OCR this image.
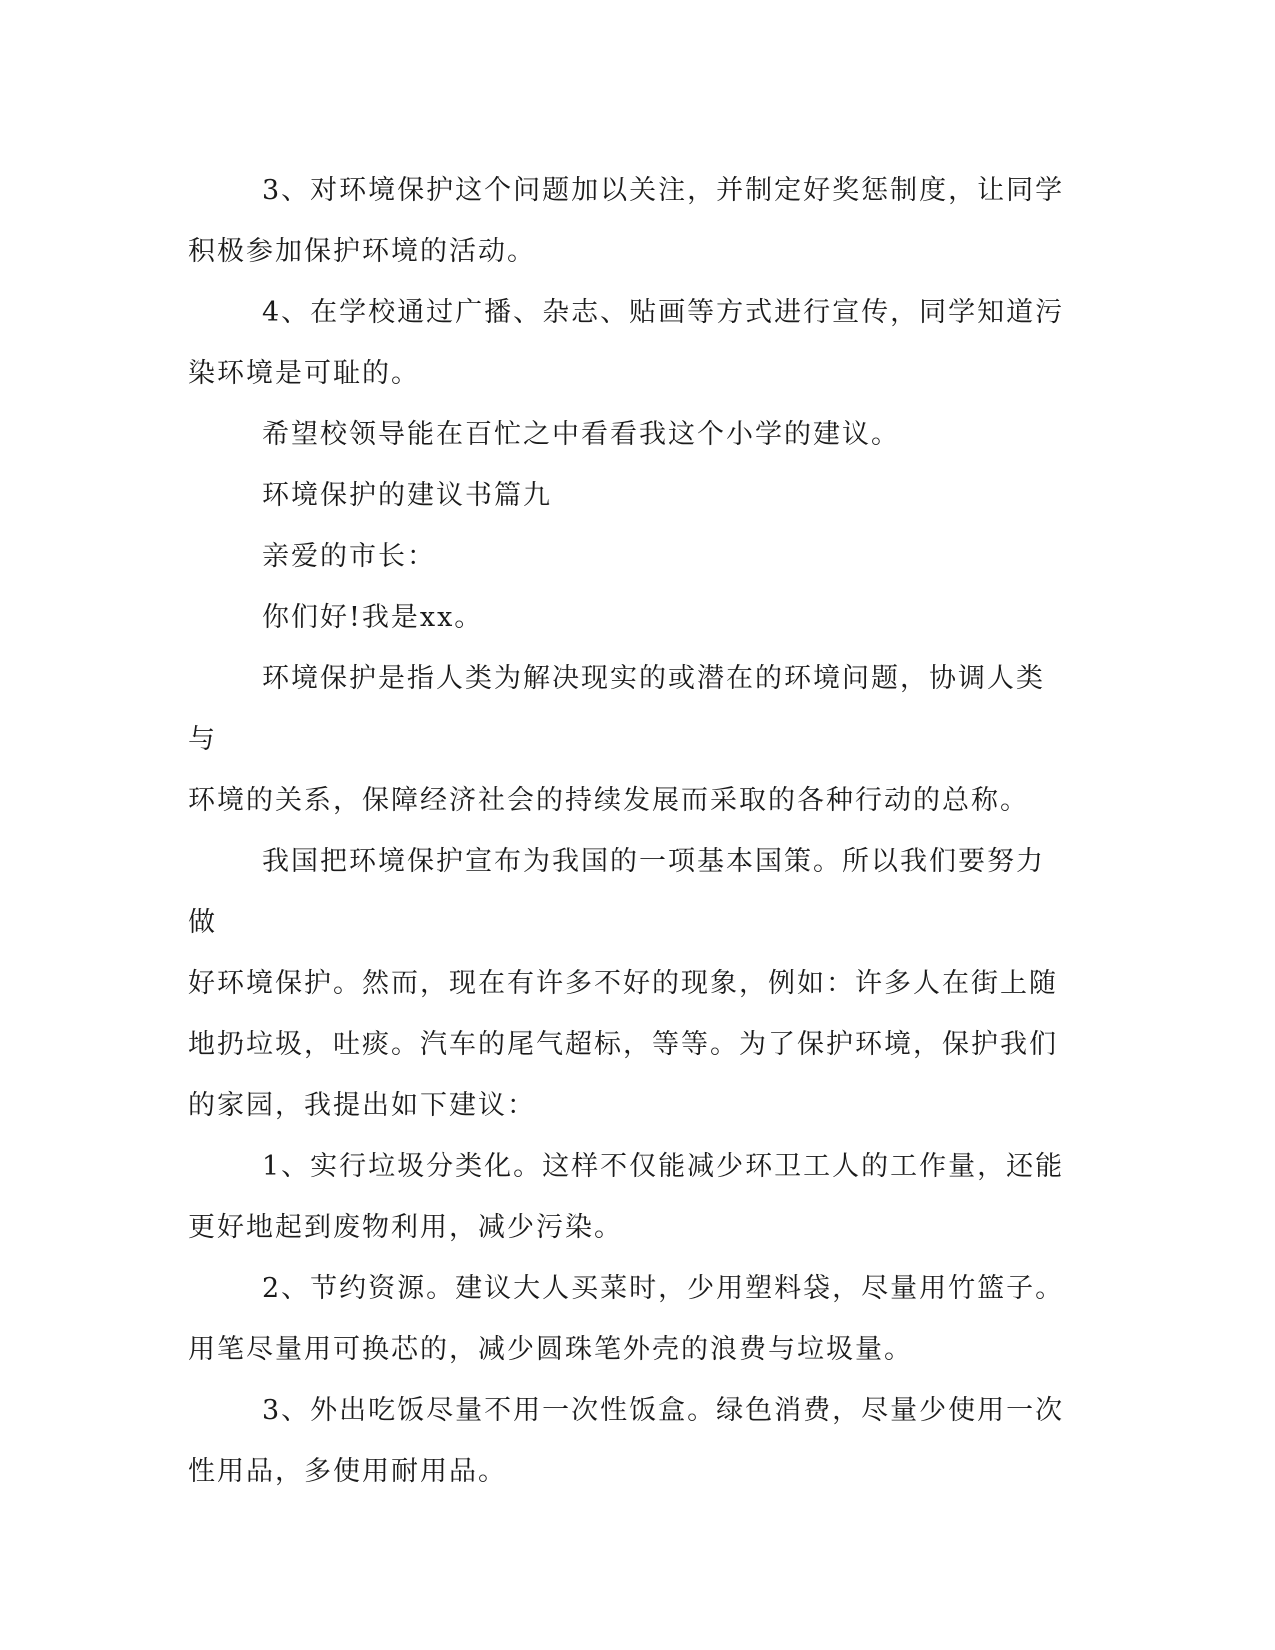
3、对环境保护这个问题加以关注，并制定好奖惩制度，让同学
积极参加保护环境的活动。

4、在学校通过广播、杂志、贴画等方式进行宣传，同学知道污
染环境是可耻的。

希望校领导能在百忙之中看看我这个小学的建议。

环境保护的建议书篇九

亲爱的市长：

你们好!我是xx。

环境保护是指人类为解决现实的或潜在的环境问题，协调人类与
环境的关系，保障经济社会的持续发展而采取的各种行动的总称。

我国把环境保护宣布为我国的一项基本国策。所以我们要努力做
好环境保护。然而，现在有许多不好的现象，例如：许多人在街上随
地扔垃圾，吐痰。汽车的尾气超标，等等。为了保护环境，保护我们
的家园，我提出如下建议：

1、实行垃圾分类化。这样不仅能减少环卫工人的工作量，还能
更好地起到废物利用，减少污染。

2、节约资源。建议大人买菜时，少用塑料袋，尽量用竹篮子。
用笔尽量用可换芯的，减少圆珠笔外壳的浪费与垃圾量。

3、外出吃饭尽量不用一次性饭盒。绿色消费，尽量少使用一次
性用品，多使用耐用品。
